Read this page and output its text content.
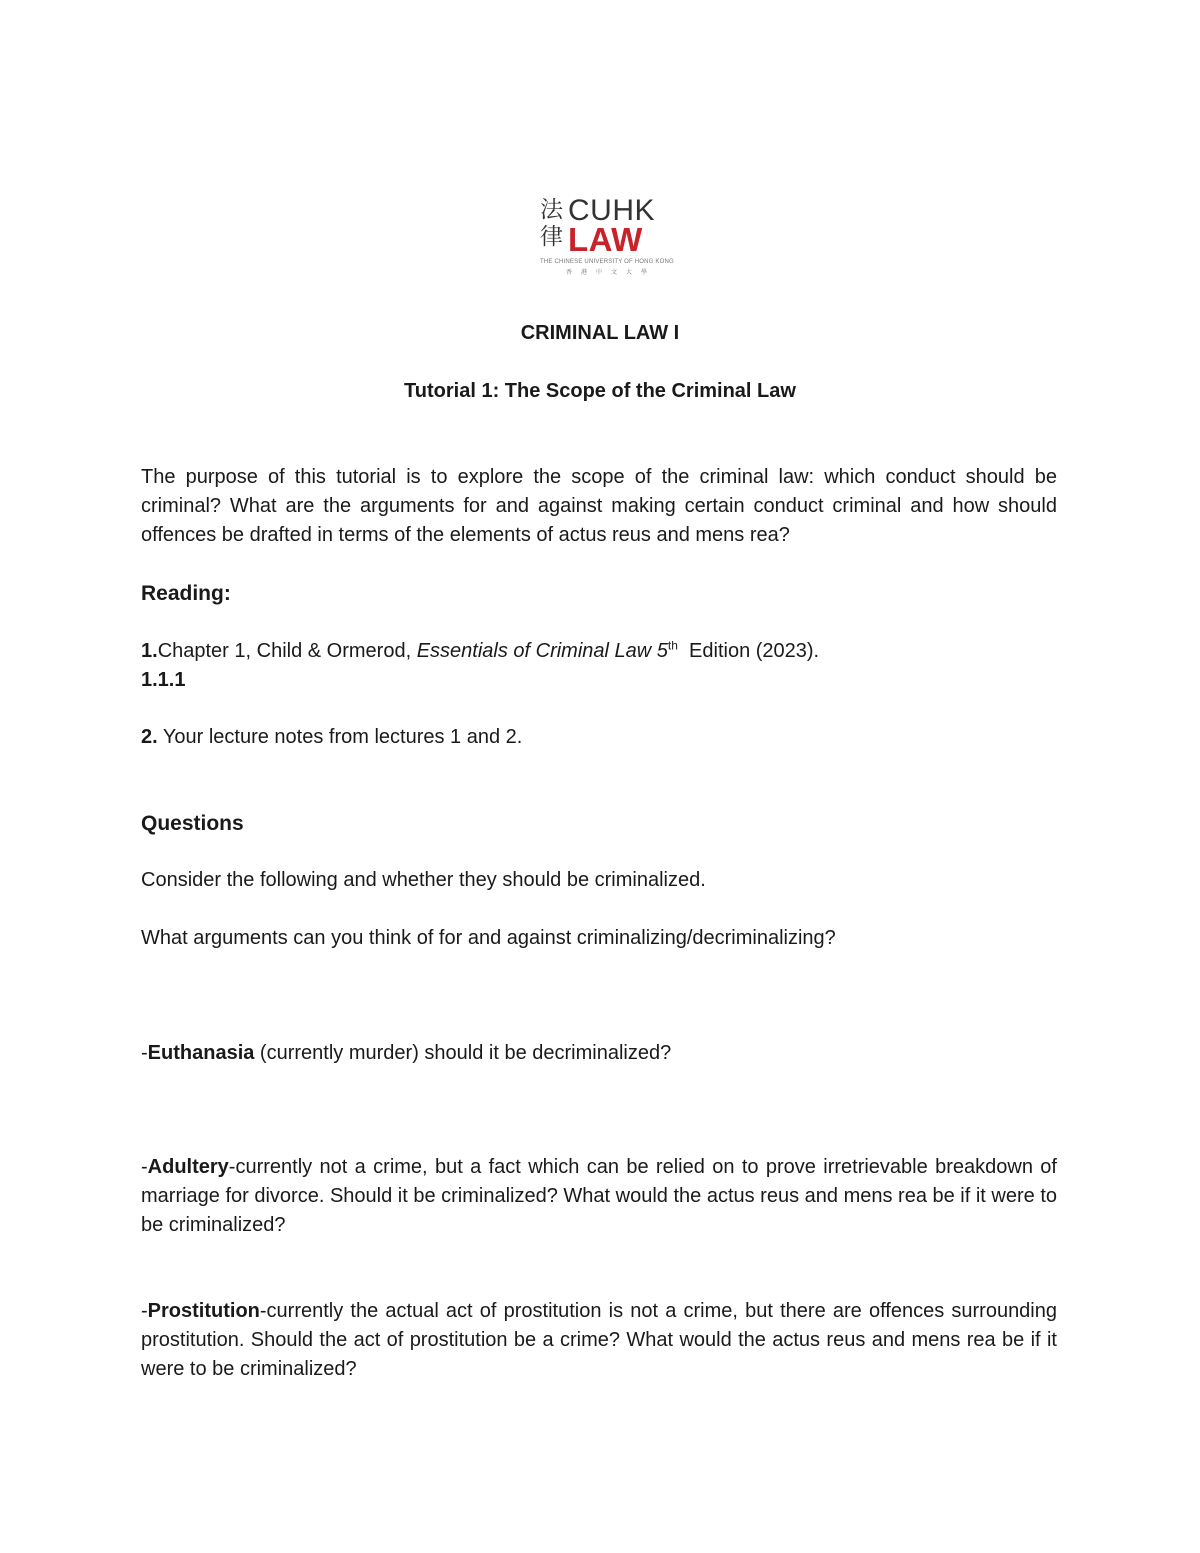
法
律
CUHK
LAW
THE CHINESE UNIVERSITY OF HONG KONG
香港中文大學
CRIMINAL LAW I
Tutorial 1: The Scope of the Criminal Law
The purpose of this tutorial is to explore the scope of the criminal law: which conduct should be criminal? What are the arguments for and against making certain conduct criminal and how should offences be drafted in terms of the elements of actus reus and mens rea?
Reading:
1.Chapter 1, Child & Ormerod, Essentials of Criminal Law 5th  Edition (2023).
1.1.1
2. Your lecture notes from lectures 1 and 2.
Questions
Consider the following and whether they should be criminalized.
What arguments can you think of for and against criminalizing/decriminalizing?
-Euthanasia (currently murder) should it be decriminalized?
-Adultery-currently not a crime, but a fact which can be relied on to prove irretrievable breakdown of marriage for divorce. Should it be criminalized? What would the actus reus and mens rea be if it were to be criminalized?
-Prostitution-currently the actual act of prostitution is not a crime, but there are offences surrounding prostitution. Should the act of prostitution be a crime? What would the actus reus and mens rea be if it were to be criminalized?
